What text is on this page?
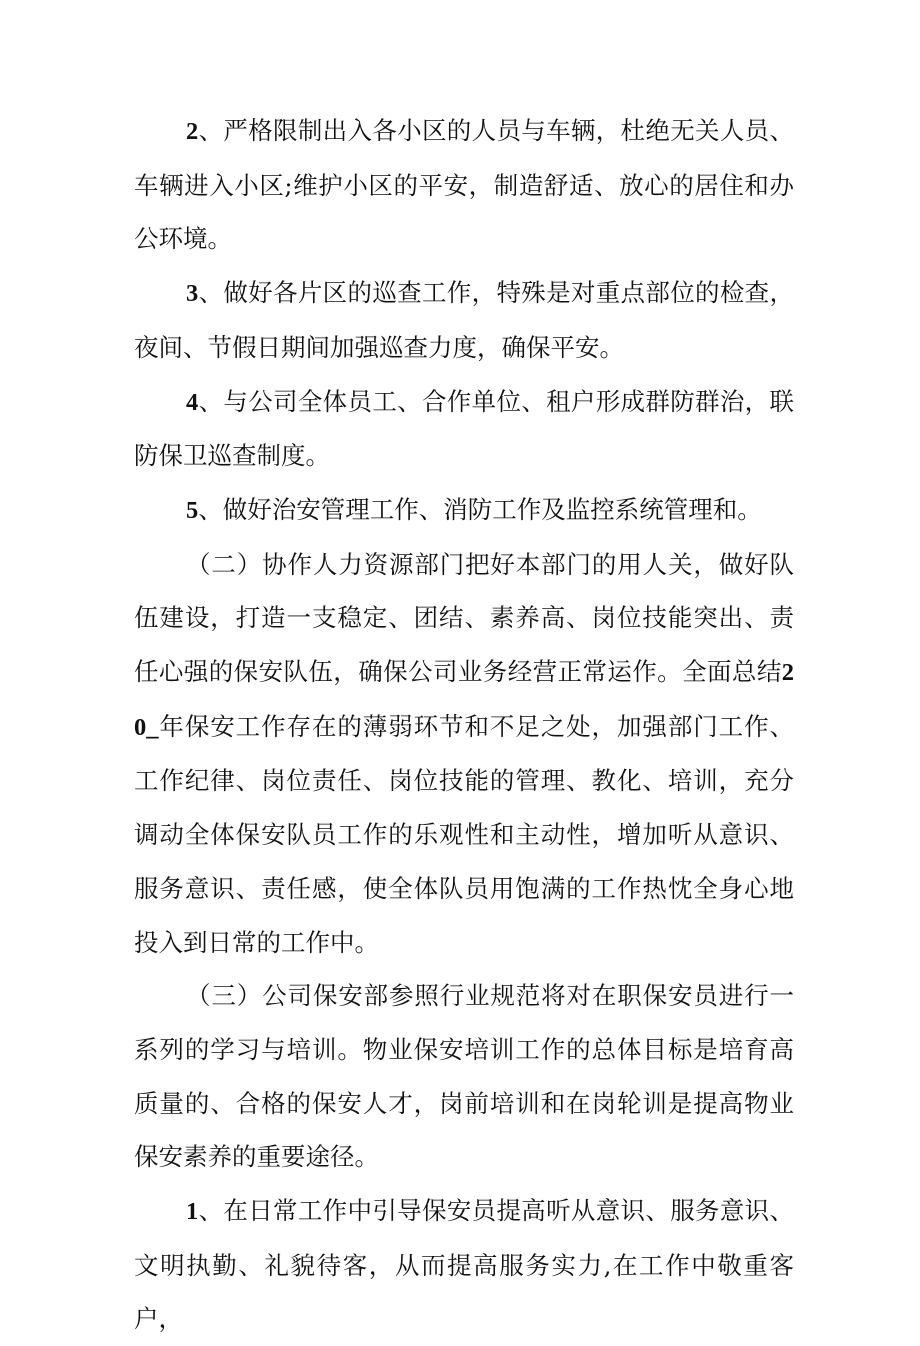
2、严格限制出入各小区的人员与车辆，杜绝无关人员、车辆进入小区;维护小区的平安，制造舒适、放心的居住和办公环境。

3、做好各片区的巡查工作，特殊是对重点部位的检查，夜间、节假日期间加强巡查力度，确保平安。

4、与公司全体员工、合作单位、租户形成群防群治，联防保卫巡查制度。

5、做好治安管理工作、消防工作及监控系统管理和。

（二）协作人力资源部门把好本部门的用人关，做好队伍建设，打造一支稳定、团结、素养高、岗位技能突出、责任心强的保安队伍，确保公司业务经营正常运作。全面总结20_年保安工作存在的薄弱环节和不足之处，加强部门工作、工作纪律、岗位责任、岗位技能的管理、教化、培训，充分调动全体保安队员工作的乐观性和主动性，增加听从意识、服务意识、责任感，使全体队员用饱满的工作热忱全身心地投入到日常的工作中。

（三）公司保安部参照行业规范将对在职保安员进行一系列的学习与培训。物业保安培训工作的总体目标是培育高质量的、合格的保安人才，岗前培训和在岗轮训是提高物业保安素养的重要途径。

1、在日常工作中引导保安员提高听从意识、服务意识、文明执勤、礼貌待客，从而提高服务实力,在工作中敬重客户，
